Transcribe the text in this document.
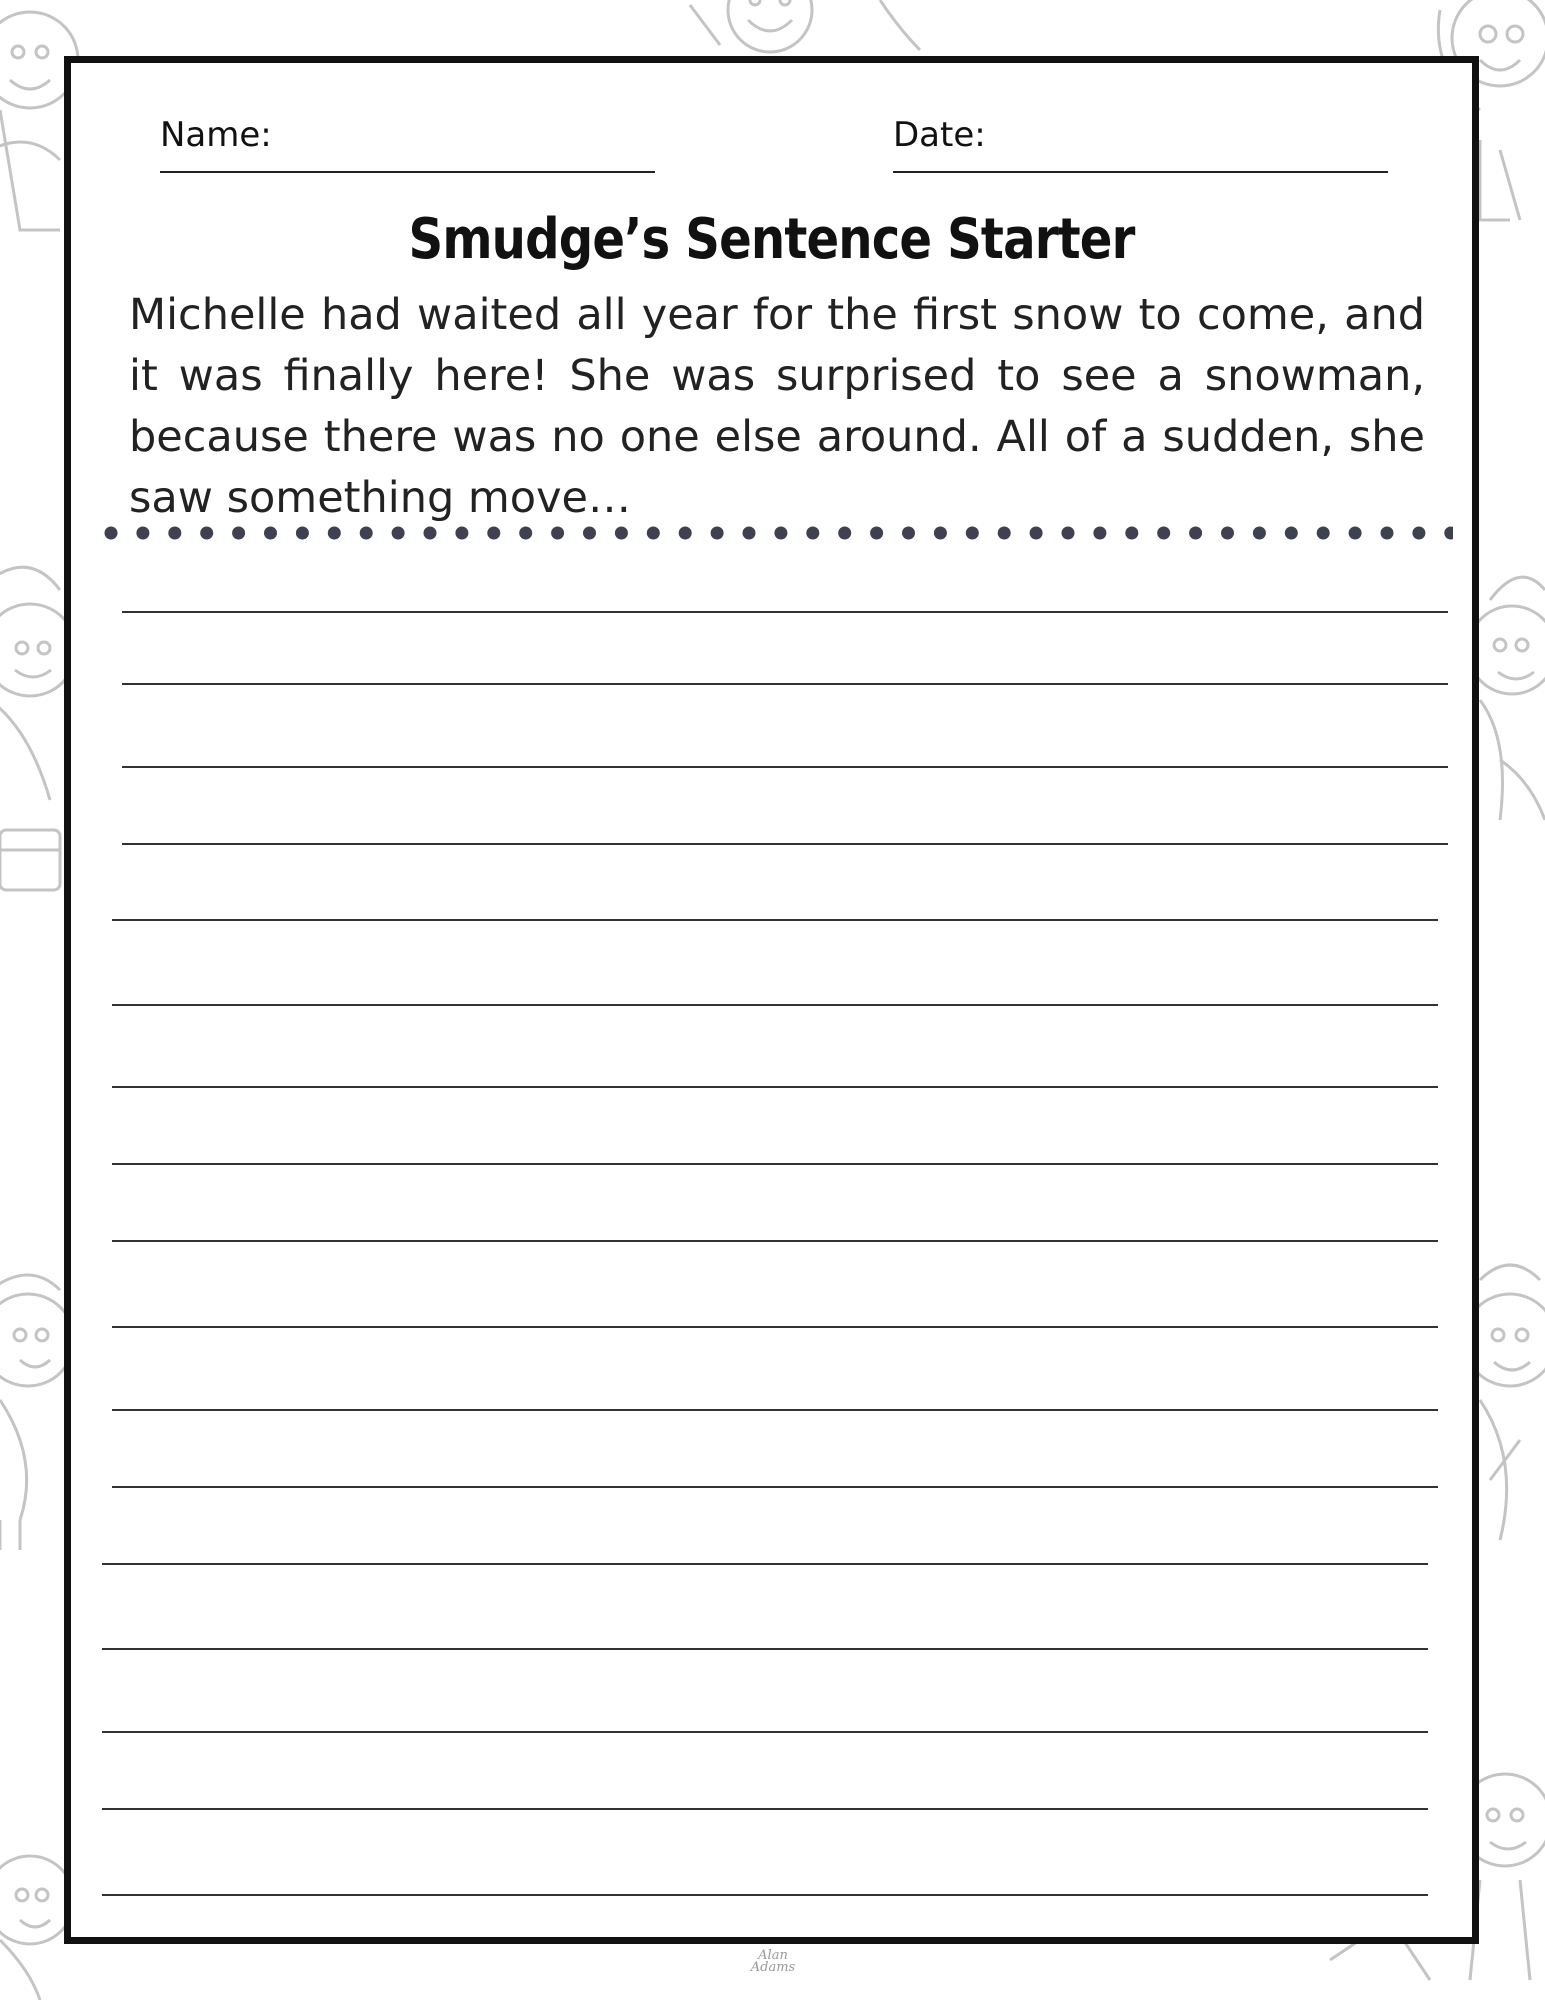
Name:	Date:
Smudge’s Sentence Starter
Michelle had waited all year for the first snow to come, and it was finally here! She was surprised to see a snowman, because there was no one else around. All of a sudden, she saw something move…
Alan Adams
